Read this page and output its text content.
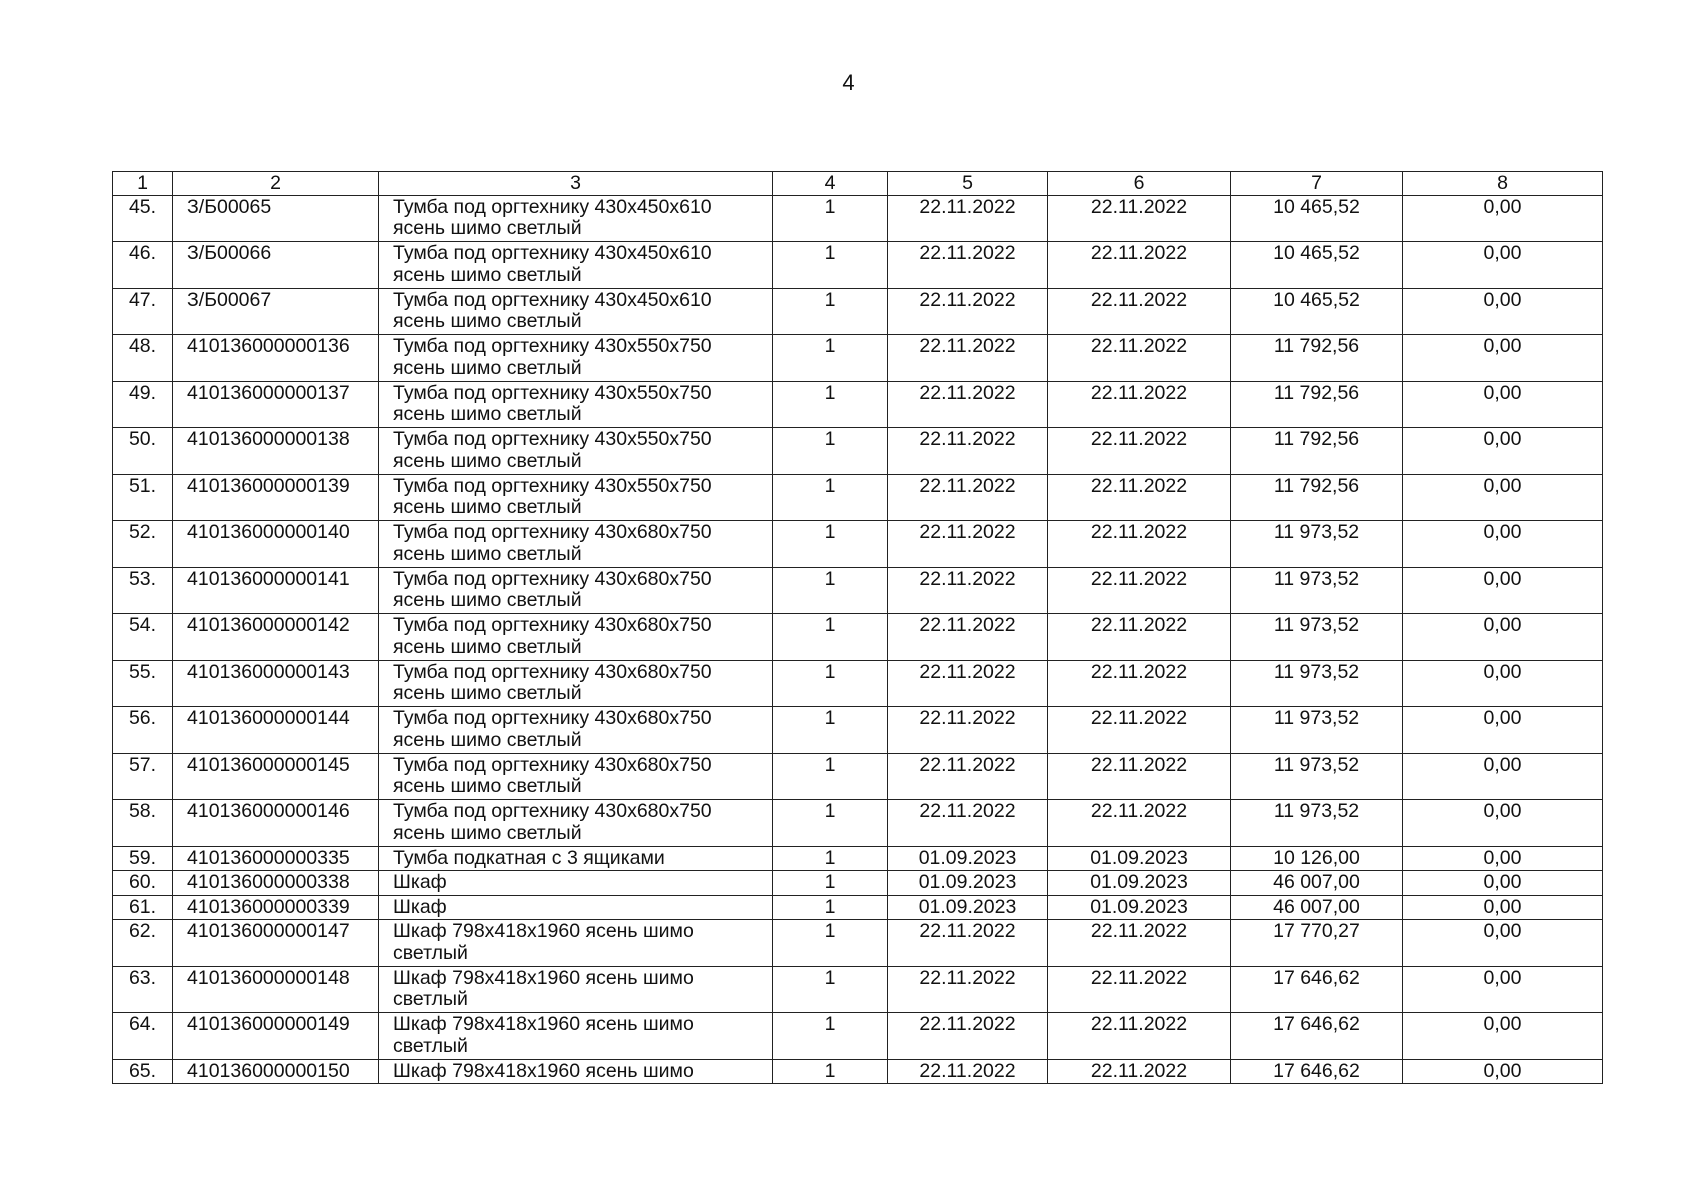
4
1	2	3	4	5	6	7	8
45.	З/Б00065	Тумба под оргтехнику 430х450х610 ясень шимо светлый	1	22.11.2022	22.11.2022	10 465,52	0,00
46.	З/Б00066	Тумба под оргтехнику 430х450х610 ясень шимо светлый	1	22.11.2022	22.11.2022	10 465,52	0,00
47.	З/Б00067	Тумба под оргтехнику 430х450х610 ясень шимо светлый	1	22.11.2022	22.11.2022	10 465,52	0,00
48.	410136000000136	Тумба под оргтехнику 430х550х750 ясень шимо светлый	1	22.11.2022	22.11.2022	11 792,56	0,00
49.	410136000000137	Тумба под оргтехнику 430х550х750 ясень шимо светлый	1	22.11.2022	22.11.2022	11 792,56	0,00
50.	410136000000138	Тумба под оргтехнику 430х550х750 ясень шимо светлый	1	22.11.2022	22.11.2022	11 792,56	0,00
51.	410136000000139	Тумба под оргтехнику 430х550х750 ясень шимо светлый	1	22.11.2022	22.11.2022	11 792,56	0,00
52.	410136000000140	Тумба под оргтехнику 430х680х750 ясень шимо светлый	1	22.11.2022	22.11.2022	11 973,52	0,00
53.	410136000000141	Тумба под оргтехнику 430х680х750 ясень шимо светлый	1	22.11.2022	22.11.2022	11 973,52	0,00
54.	410136000000142	Тумба под оргтехнику 430х680х750 ясень шимо светлый	1	22.11.2022	22.11.2022	11 973,52	0,00
55.	410136000000143	Тумба под оргтехнику 430х680х750 ясень шимо светлый	1	22.11.2022	22.11.2022	11 973,52	0,00
56.	410136000000144	Тумба под оргтехнику 430х680х750 ясень шимо светлый	1	22.11.2022	22.11.2022	11 973,52	0,00
57.	410136000000145	Тумба под оргтехнику 430х680х750 ясень шимо светлый	1	22.11.2022	22.11.2022	11 973,52	0,00
58.	410136000000146	Тумба под оргтехнику 430х680х750 ясень шимо светлый	1	22.11.2022	22.11.2022	11 973,52	0,00
59.	410136000000335	Тумба подкатная с 3 ящиками	1	01.09.2023	01.09.2023	10 126,00	0,00
60.	410136000000338	Шкаф	1	01.09.2023	01.09.2023	46 007,00	0,00
61.	410136000000339	Шкаф	1	01.09.2023	01.09.2023	46 007,00	0,00
62.	410136000000147	Шкаф 798х418х1960 ясень шимо светлый	1	22.11.2022	22.11.2022	17 770,27	0,00
63.	410136000000148	Шкаф 798х418х1960 ясень шимо светлый	1	22.11.2022	22.11.2022	17 646,62	0,00
64.	410136000000149	Шкаф 798х418х1960 ясень шимо светлый	1	22.11.2022	22.11.2022	17 646,62	0,00
65.	410136000000150	Шкаф 798х418х1960 ясень шимо	1	22.11.2022	22.11.2022	17 646,62	0,00
